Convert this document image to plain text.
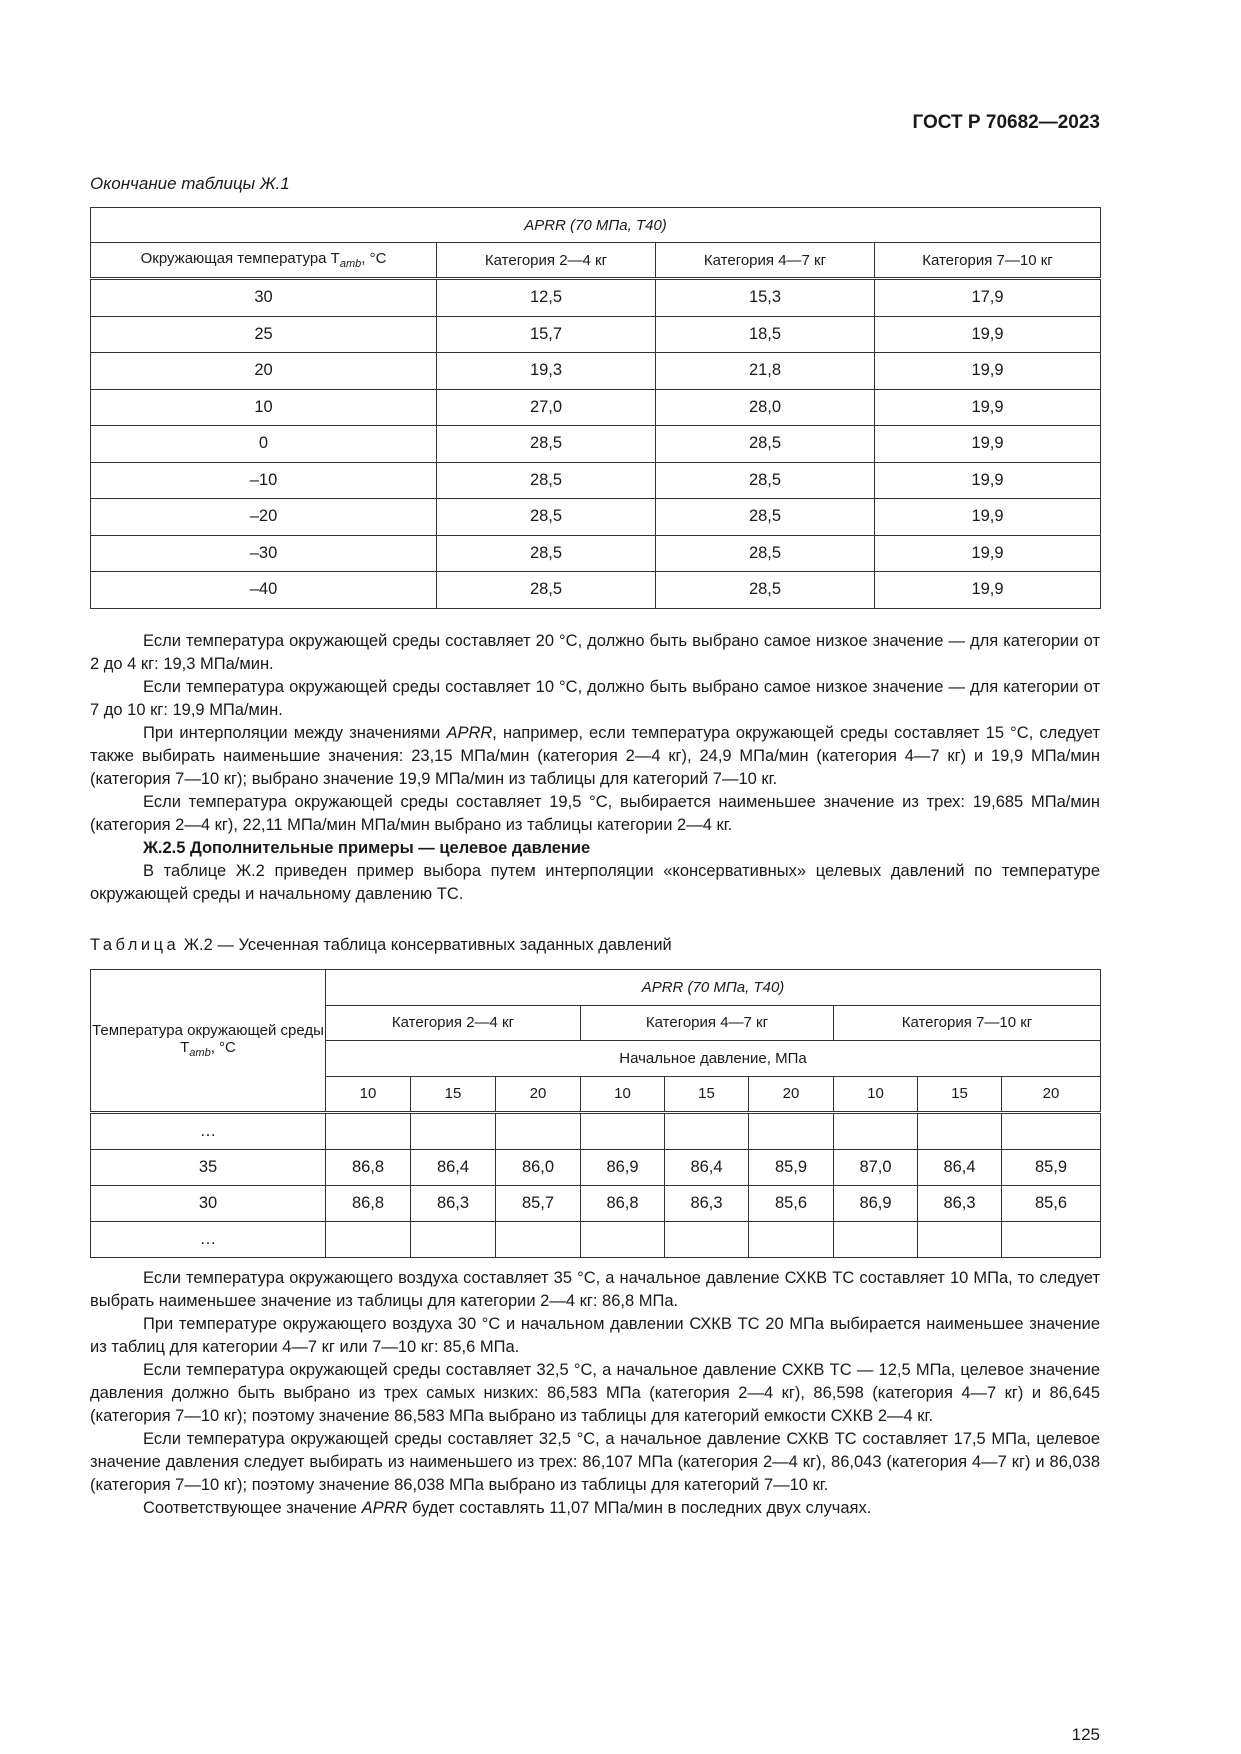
ГОСТ Р 70682—2023
Окончание таблицы Ж.1
APRR (70 МПа, Т40)			
Окружающая температура $T_{amb}$, °С	Категория 2—4 кг	Категория 4—7 кг	Категория 7—10 кг
30	12,5	15,3	17,9
25	15,7	18,5	19,9
20	19,3	21,8	19,9
10	27,0	28,0	19,9
0	28,5	28,5	19,9
–10	28,5	28,5	19,9
–20	28,5	28,5	19,9
–30	28,5	28,5	19,9
–40	28,5	28,5	19,9

Если температура окружающей среды составляет 20 °С, должно быть выбрано самое низкое значение — для категории от 2 до 4 кг: 19,3 МПа/мин.

Если температура окружающей среды составляет 10 °С, должно быть выбрано самое низкое значение — для категории от 7 до 10 кг: 19,9 МПа/мин.

При интерполяции между значениями APRR, например, если температура окружающей среды составляет 15 °С, следует также выбирать наименьшие значения: 23,15 МПа/мин (категория 2—4 кг), 24,9 МПа/мин (категория 4—7 кг) и 19,9 МПа/мин (категория 7—10 кг); выбрано значение 19,9 МПа/мин из таблицы для категорий 7—10 кг.

Если температура окружающей среды составляет 19,5 °С, выбирается наименьшее значение из трех: 19,685 МПа/мин (категория 2—4 кг), 22,11 МПа/мин МПа/мин выбрано из таблицы категории 2—4 кг.

Ж.2.5 Дополнительные примеры — целевое давление

В таблице Ж.2 приведен пример выбора путем интерполяции «консервативных» целевых давлений по температуре окружающей среды и начальному давлению ТС.

Таблица Ж.2 — Усеченная таблица консервативных заданных давлений
Температура окружающей среды $T_{amb}$, °С	APRR (70 МПа, Т40)								
	Категория 2—4 кг			Категория 4—7 кг			Категория 7—10 кг		
	Начальное давление, МПа								
	10	15	20	10	15	20	10	15	20
…									
35	86,8	86,4	86,0	86,9	86,4	85,9	87,0	86,4	85,9
30	86,8	86,3	85,7	86,8	86,3	85,6	86,9	86,3	85,6
…									

Если температура окружающего воздуха составляет 35 °С, а начальное давление СХКВ ТС составляет 10 МПа, то следует выбрать наименьшее значение из таблицы для категории 2—4 кг: 86,8 МПа.

При температуре окружающего воздуха 30 °С и начальном давлении СХКВ ТС 20 МПа выбирается наименьшее значение из таблиц для категории 4—7 кг или 7—10 кг: 85,6 МПа.

Если температура окружающей среды составляет 32,5 °С, а начальное давление СХКВ ТС — 12,5 МПа, целевое значение давления должно быть выбрано из трех самых низких: 86,583 МПа (категория 2—4 кг), 86,598 (категория 4—7 кг) и 86,645 (категория 7—10 кг); поэтому значение 86,583 МПа выбрано из таблицы для категорий емкости СХКВ 2—4 кг.

Если температура окружающей среды составляет 32,5 °С, а начальное давление СХКВ ТС составляет 17,5 МПа, целевое значение давления следует выбирать из наименьшего из трех: 86,107 МПа (категория 2—4 кг), 86,043 (категория 4—7 кг) и 86,038 (категория 7—10 кг); поэтому значение 86,038 МПа выбрано из таблицы для категорий 7—10 кг.

Соответствующее значение APRR будет составлять 11,07 МПа/мин в последних двух случаях.

125
